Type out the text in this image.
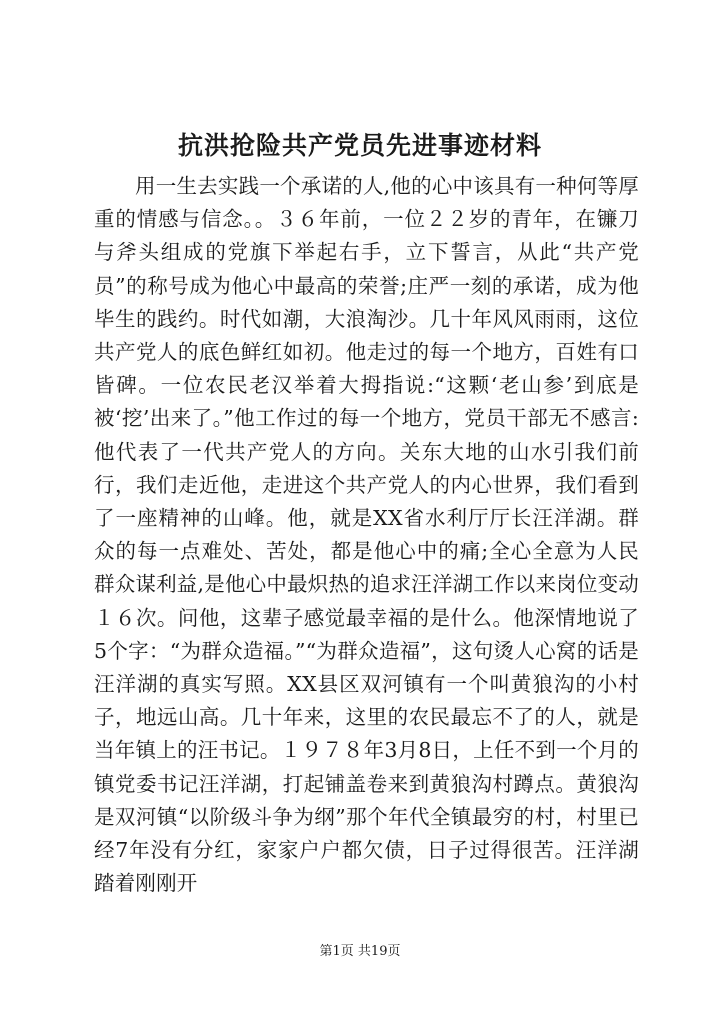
抗洪抢险共产党员先进事迹材料

用一生去实践一个承诺的人,他的心中该具有一种何等厚重的情感与信念。。３６年前，一位２２岁的青年，在镰刀与斧头组成的党旗下举起右手，立下誓言，从此“共产党员”的称号成为他心中最高的荣誉;庄严一刻的承诺，成为他毕生的践约。时代如潮，大浪淘沙。几十年风风雨雨，这位共产党人的底色鲜红如初。他走过的每一个地方，百姓有口皆碑。一位农民老汉举着大拇指说:“这颗‘老山参’到底是被‘挖’出来了。”他工作过的每一个地方，党员干部无不感言:他代表了一代共产党人的方向。关东大地的山水引我们前行，我们走近他，走进这个共产党人的内心世界，我们看到了一座精神的山峰。他，就是XX省水利厅厅长汪洋湖。群众的每一点难处、苦处，都是他心中的痛;全心全意为人民群众谋利益,是他心中最炽热的追求汪洋湖工作以来岗位变动１６次。问他，这辈子感觉最幸福的是什么。他深情地说了5个字：“为群众造福。”“为群众造福”，这句烫人心窝的话是汪洋湖的真实写照。XX县区双河镇有一个叫黄狼沟的小村子，地远山高。几十年来，这里的农民最忘不了的人，就是当年镇上的汪书记。１９７８年3月8日，上任不到一个月的镇党委书记汪洋湖，打起铺盖卷来到黄狼沟村蹲点。黄狼沟是双河镇“以阶级斗争为纲”那个年代全镇最穷的村，村里已经7年没有分红，家家户户都欠债，日子过得很苦。汪洋湖踏着刚刚开

第1页 共19页
